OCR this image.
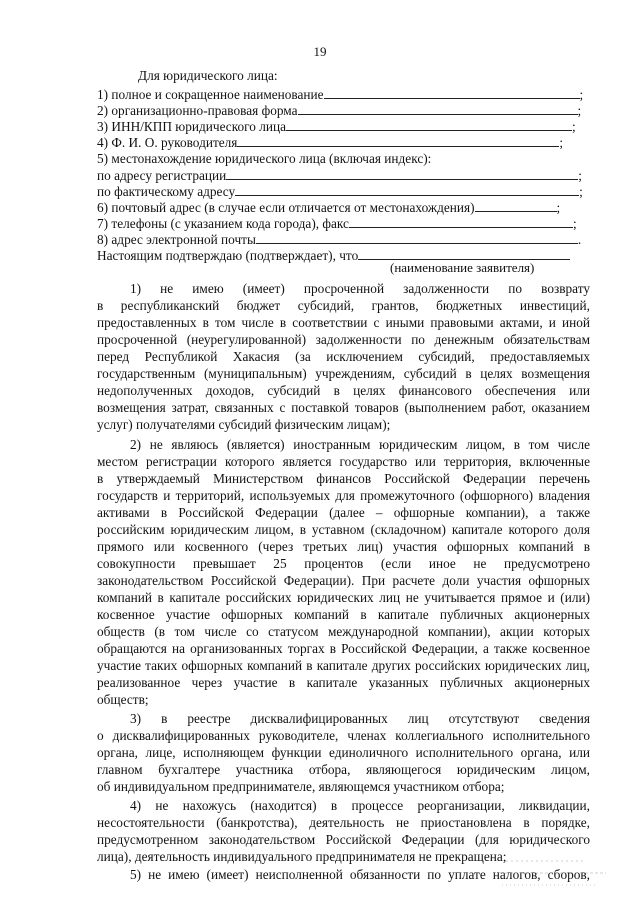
19
Для юридического лица:
1) полное и сокращенное наименование	;
2) организационно-правовая форма	;
3) ИНН/КПП юридического лица	;
4) Ф. И. О. руководителя	;
5) местонахождение юридического лица (включая индекс):
по адресу регистрации	;
по фактическому адресу	;
6) почтовый адрес (в случае если отличается от местонахождения)	;
7) телефоны (с указанием кода города), факс	;
8) адрес электронной почты	.
Настоящим подтверждаю (подтверждает), что
(наименование заявителя)
1) не имею (имеет) просроченной задолженности по возврату
в республиканский бюджет субсидий, грантов, бюджетных инвестиций,
предоставленных в том числе в соответствии с иными правовыми актами, и иной
просроченной (неурегулированной) задолженности по денежным обязательствам
перед Республикой Хакасия (за исключением субсидий, предоставляемых
государственным (муниципальным) учреждениям, субсидий в целях возмещения
недополученных доходов, субсидий в целях финансового обеспечения или
возмещения затрат, связанных с поставкой товаров (выполнением работ, оказанием
услуг) получателями субсидий физическим лицам);
2) не являюсь (является) иностранным юридическим лицом, в том числе
местом регистрации которого является государство или территория, включенные
в утверждаемый Министерством финансов Российской Федерации перечень
государств и территорий, используемых для промежуточного (офшорного) владения
активами в Российской Федерации (далее – офшорные компании), а также
российским юридическим лицом, в уставном (складочном) капитале которого доля
прямого или косвенного (через третьих лиц) участия офшорных компаний в
совокупности превышает 25 процентов (если иное не предусмотрено
законодательством Российской Федерации). При расчете доли участия офшорных
компаний в капитале российских юридических лиц не учитывается прямое и (или)
косвенное участие офшорных компаний в капитале публичных акционерных
обществ (в том числе со статусом международной компании), акции которых
обращаются на организованных торгах в Российской Федерации, а также косвенное
участие таких офшорных компаний в капитале других российских юридических лиц,
реализованное через участие в капитале указанных публичных акционерных
обществ;
3) в реестре дисквалифицированных лиц отсутствуют сведения
о дисквалифицированных руководителе, членах коллегиального исполнительного
органа, лице, исполняющем функции единоличного исполнительного органа, или
главном бухгалтере участника отбора, являющегося юридическим лицом,
об индивидуальном предпринимателе, являющемся участником отбора;
4) не нахожусь (находится) в процессе реорганизации, ликвидации,
несостоятельности (банкротства), деятельность не приостановлена в порядке,
предусмотренном законодательством Российской Федерации (для юридического
лица), деятельность индивидуального предпринимателя не прекращена;
5) не имею (имеет) неисполненной обязанности по уплате налогов, сборов,
